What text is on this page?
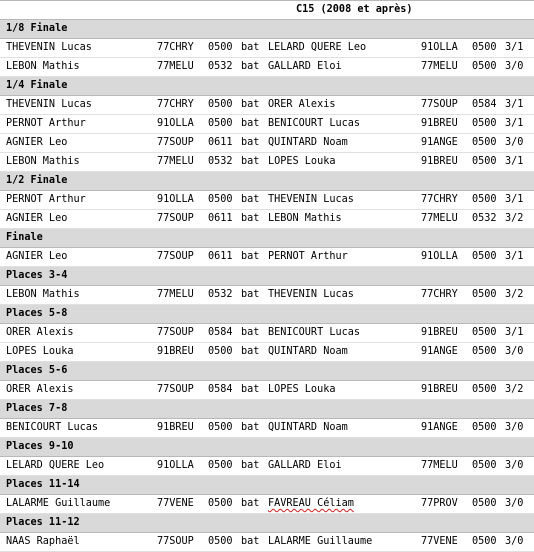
C15 (2008 et après)
1/8 Finale
THEVENIN Lucas	77CHRY 0500 bat LELARD QUERE Leo	91OLLA 0500 3/1
LEBON Mathis	77MELU 0532 bat GALLARD Eloi	77MELU 0500 3/0
1/4 Finale
THEVENIN Lucas	77CHRY 0500 bat ORER Alexis	77SOUP 0584 3/1
PERNOT Arthur	91OLLA 0500 bat BENICOURT Lucas	91BREU 0500 3/1
AGNIER Leo	77SOUP 0611 bat QUINTARD Noam	91ANGE 0500 3/0
LEBON Mathis	77MELU 0532 bat LOPES Louka	91BREU 0500 3/1
1/2 Finale
PERNOT Arthur	91OLLA 0500 bat THEVENIN Lucas	77CHRY 0500 3/1
AGNIER Leo	77SOUP 0611 bat LEBON Mathis	77MELU 0532 3/2
Finale
AGNIER Leo	77SOUP 0611 bat PERNOT Arthur	91OLLA 0500 3/1
Places 3-4
LEBON Mathis	77MELU 0532 bat THEVENIN Lucas	77CHRY 0500 3/2
Places 5-8
ORER Alexis	77SOUP 0584 bat BENICOURT Lucas	91BREU 0500 3/1
LOPES Louka	91BREU 0500 bat QUINTARD Noam	91ANGE 0500 3/0
Places 5-6
ORER Alexis	77SOUP 0584 bat LOPES Louka	91BREU 0500 3/2
Places 7-8
BENICOURT Lucas	91BREU 0500 bat QUINTARD Noam	91ANGE 0500 3/0
Places 9-10
LELARD QUERE Leo	91OLLA 0500 bat GALLARD Eloi	77MELU 0500 3/0
Places 11-14
LALARME Guillaume	77VENE 0500 bat FAVREAU Céliam	77PROV 0500 3/0
Places 11-12
NAAS Raphaël	77SOUP 0500 bat LALARME Guillaume	77VENE 0500 3/0
